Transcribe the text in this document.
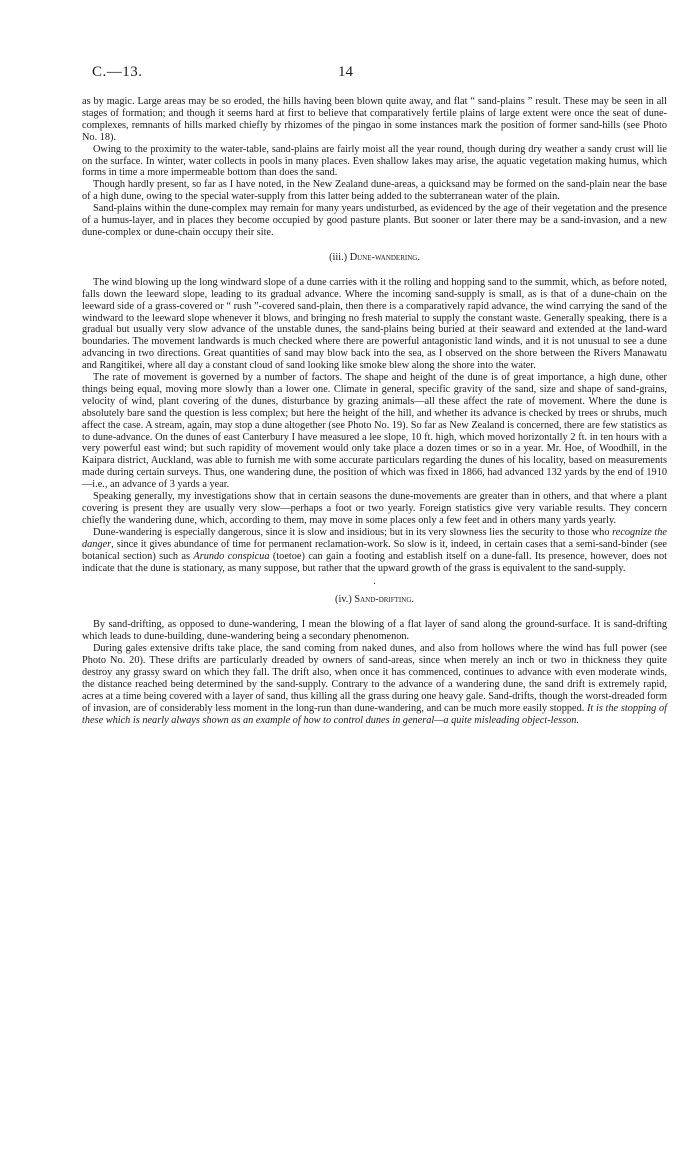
C.—13.	14

as by magic. Large areas may be so eroded, the hills having been blown quite away, and flat “ sand-plains ” result. These may be seen in all stages of formation; and though it seems hard at first to believe that comparatively fertile plains of large extent were once the seat of dune-complexes, remnants of hills marked chiefly by rhizomes of the pingao in some instances mark the position of former sand-hills (see Photo No. 18).

Owing to the proximity to the water-table, sand-plains are fairly moist all the year round, though during dry weather a sandy crust will lie on the surface. In winter, water collects in pools in many places. Even shallow lakes may arise, the aquatic vegetation making humus, which forms in time a more impermeable bottom than does the sand.

Though hardly present, so far as I have noted, in the New Zealand dune-areas, a quicksand may be formed on the sand-plain near the base of a high dune, owing to the special water-supply from this latter being added to the subterranean water of the plain.

Sand-plains within the dune-complex may remain for many years undisturbed, as evidenced by the age of their vegetation and the presence of a humus-layer, and in places they become occupied by good pasture plants. But sooner or later there may be a sand-invasion, and a new dune-complex or dune-chain occupy their site.

(iii.) Dune-wandering.

The wind blowing up the long windward slope of a dune carries with it the rolling and hopping sand to the summit, which, as before noted, falls down the leeward slope, leading to its gradual advance. Where the incoming sand-supply is small, as is that of a dune-chain on the leeward side of a grass-covered or “ rush ”-covered sand-plain, then there is a comparatively rapid advance, the wind carrying the sand of the windward to the leeward slope whenever it blows, and bringing no fresh material to supply the constant waste. Generally speaking, there is a gradual but usually very slow advance of the unstable dunes, the sand-plains being buried at their seaward and extended at the land-ward boundaries. The movement landwards is much checked where there are powerful antagonistic land winds, and it is not unusual to see a dune advancing in two directions. Great quantities of sand may blow back into the sea, as I observed on the shore between the Rivers Manawatu and Rangitikei, where all day a constant cloud of sand looking like smoke blew along the shore into the water.

The rate of movement is governed by a number of factors. The shape and height of the dune is of great importance, a high dune, other things being equal, moving more slowly than a lower one. Climate in general, specific gravity of the sand, size and shape of sand-grains, velocity of wind, plant covering of the dunes, disturbance by grazing animals—all these affect the rate of movement. Where the dune is absolutely bare sand the question is less complex; but here the height of the hill, and whether its advance is checked by trees or shrubs, much affect the case. A stream, again, may stop a dune altogether (see Photo No. 19). So far as New Zealand is concerned, there are few statistics as to dune-advance. On the dunes of east Canterbury I have measured a lee slope, 10 ft. high, which moved horizontally 2 ft. in ten hours with a very powerful east wind; but such rapidity of movement would only take place a dozen times or so in a year. Mr. Hoe, of Woodhill, in the Kaipara district, Auckland, was able to furnish me with some accurate particulars regarding the dunes of his locality, based on measurements made during certain surveys. Thus, one wandering dune, the position of which was fixed in 1866, had advanced 132 yards by the end of 1910—i.e., an advance of 3 yards a year.

Speaking generally, my investigations show that in certain seasons the dune-movements are greater than in others, and that where a plant covering is present they are usually very slow—perhaps a foot or two yearly. Foreign statistics give very variable results. They concern chiefly the wandering dune, which, according to them, may move in some places only a few feet and in others many yards yearly.

Dune-wandering is especially dangerous, since it is slow and insidious; but in its very slowness lies the security to those who recognize the danger, since it gives abundance of time for permanent reclamation-work. So slow is it, indeed, in certain cases that a semi-sand-binder (see botanical section) such as Arundo conspicua (toetoe) can gain a footing and establish itself on a dune-fall. Its presence, however, does not indicate that the dune is stationary, as many suppose, but rather that the upward growth of the grass is equivalent to the sand-supply.

·
(iv.) Sand-drifting.

By sand-drifting, as opposed to dune-wandering, I mean the blowing of a flat layer of sand along the ground-surface. It is sand-drifting which leads to dune-building, dune-wandering being a secondary phenomenon.

During gales extensive drifts take place, the sand coming from naked dunes, and also from hollows where the wind has full power (see Photo No. 20). These drifts are particularly dreaded by owners of sand-areas, since when merely an inch or two in thickness they quite destroy any grassy sward on which they fall. The drift also, when once it has commenced, continues to advance with even moderate winds, the distance reached being determined by the sand-supply. Contrary to the advance of a wandering dune, the sand drift is extremely rapid, acres at a time being covered with a layer of sand, thus killing all the grass during one heavy gale. Sand-drifts, though the worst-dreaded form of invasion, are of considerably less moment in the long-run than dune-wandering, and can be much more easily stopped. It is the stopping of these which is nearly always shown as an example of how to control dunes in general—a quite misleading object-lesson.
